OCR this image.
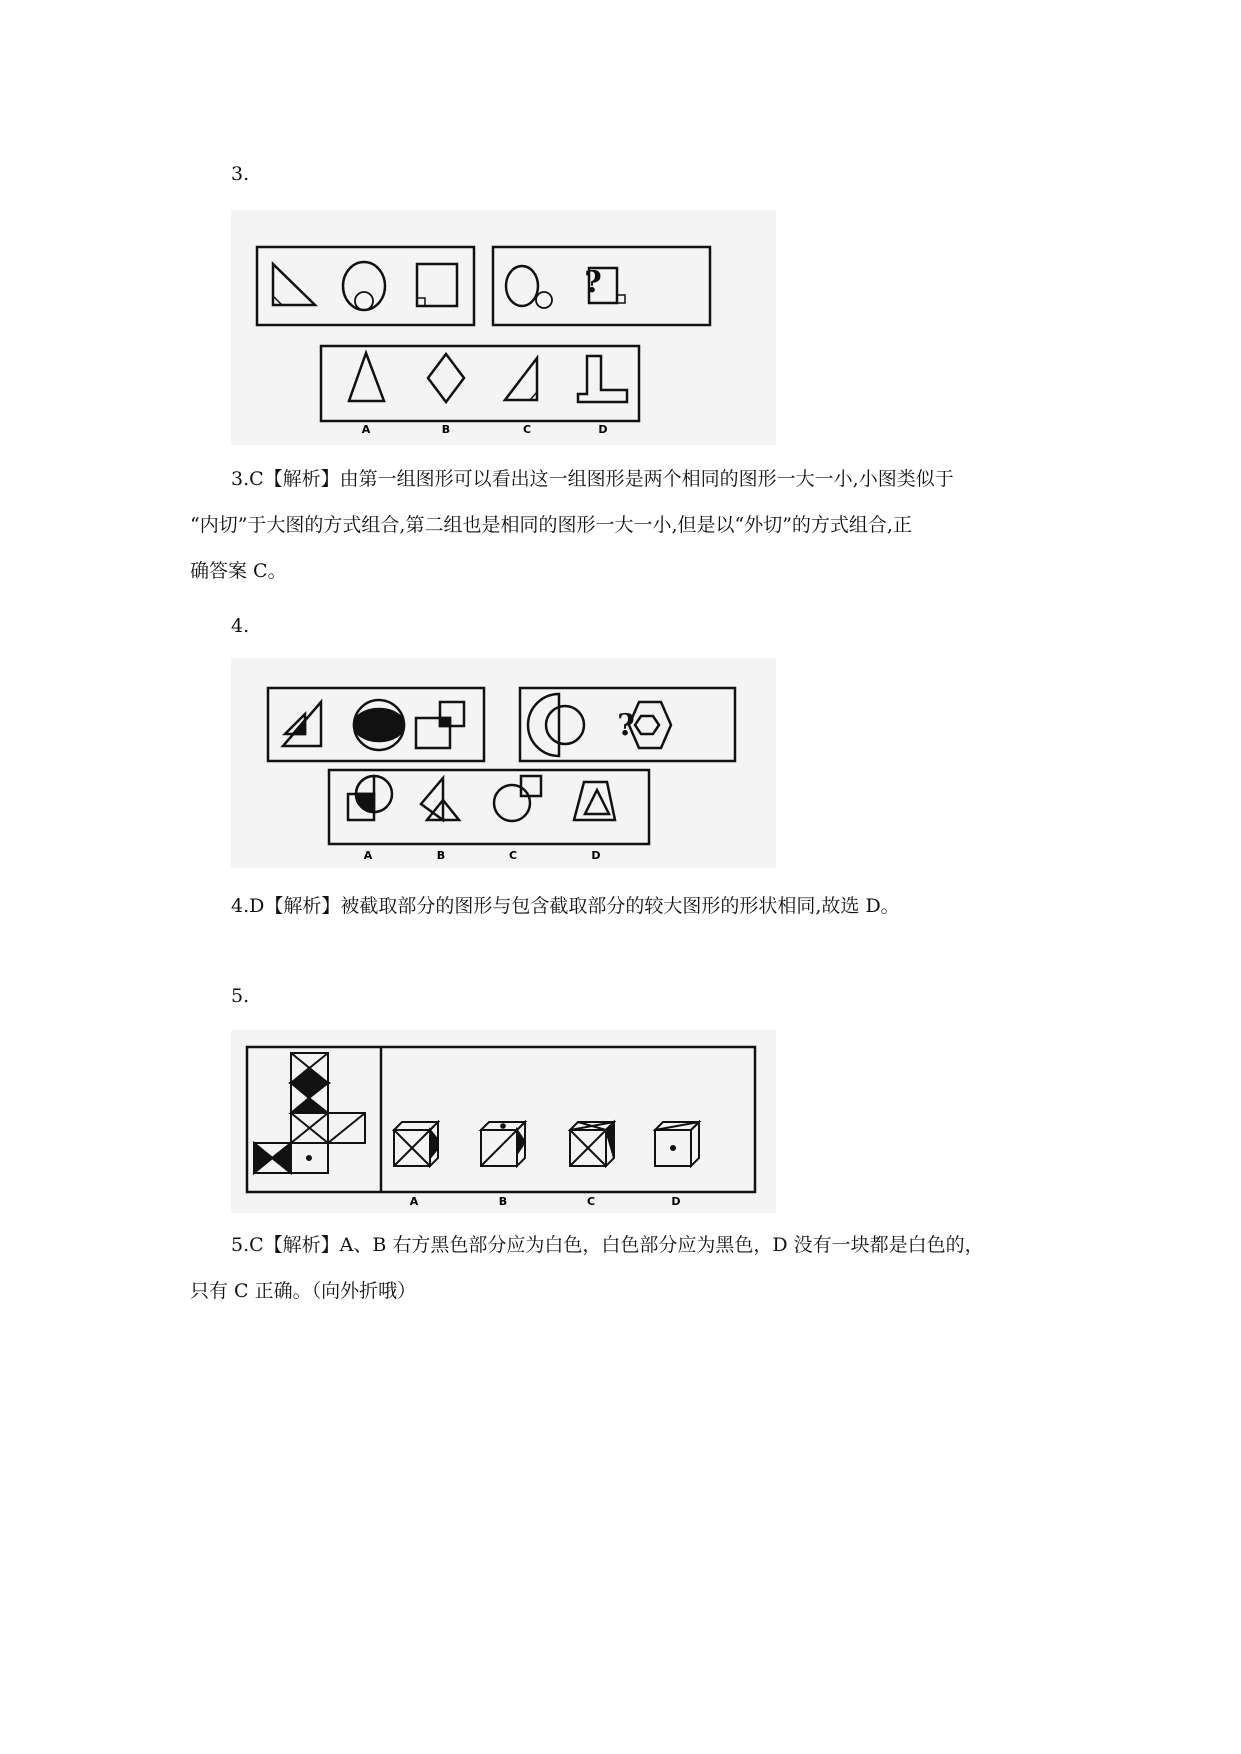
3.
?
A	B	C	D
3.C【解析】由第一组图形可以看出这一组图形是两个相同的图形一大一小,小图类似于
“内切”于大图的方式组合,第二组也是相同的图形一大一小,但是以“外切”的方式组合,正
确答案 C。
4.
?
A	B	C	D
4.D【解析】被截取部分的图形与包含截取部分的较大图形的形状相同,故选 D。
5.
A	B	C	D
5.C【解析】A、B 右方黑色部分应为白色，白色部分应为黑色，D 没有一块都是白色的，
只有 C 正确。（向外折哦）
